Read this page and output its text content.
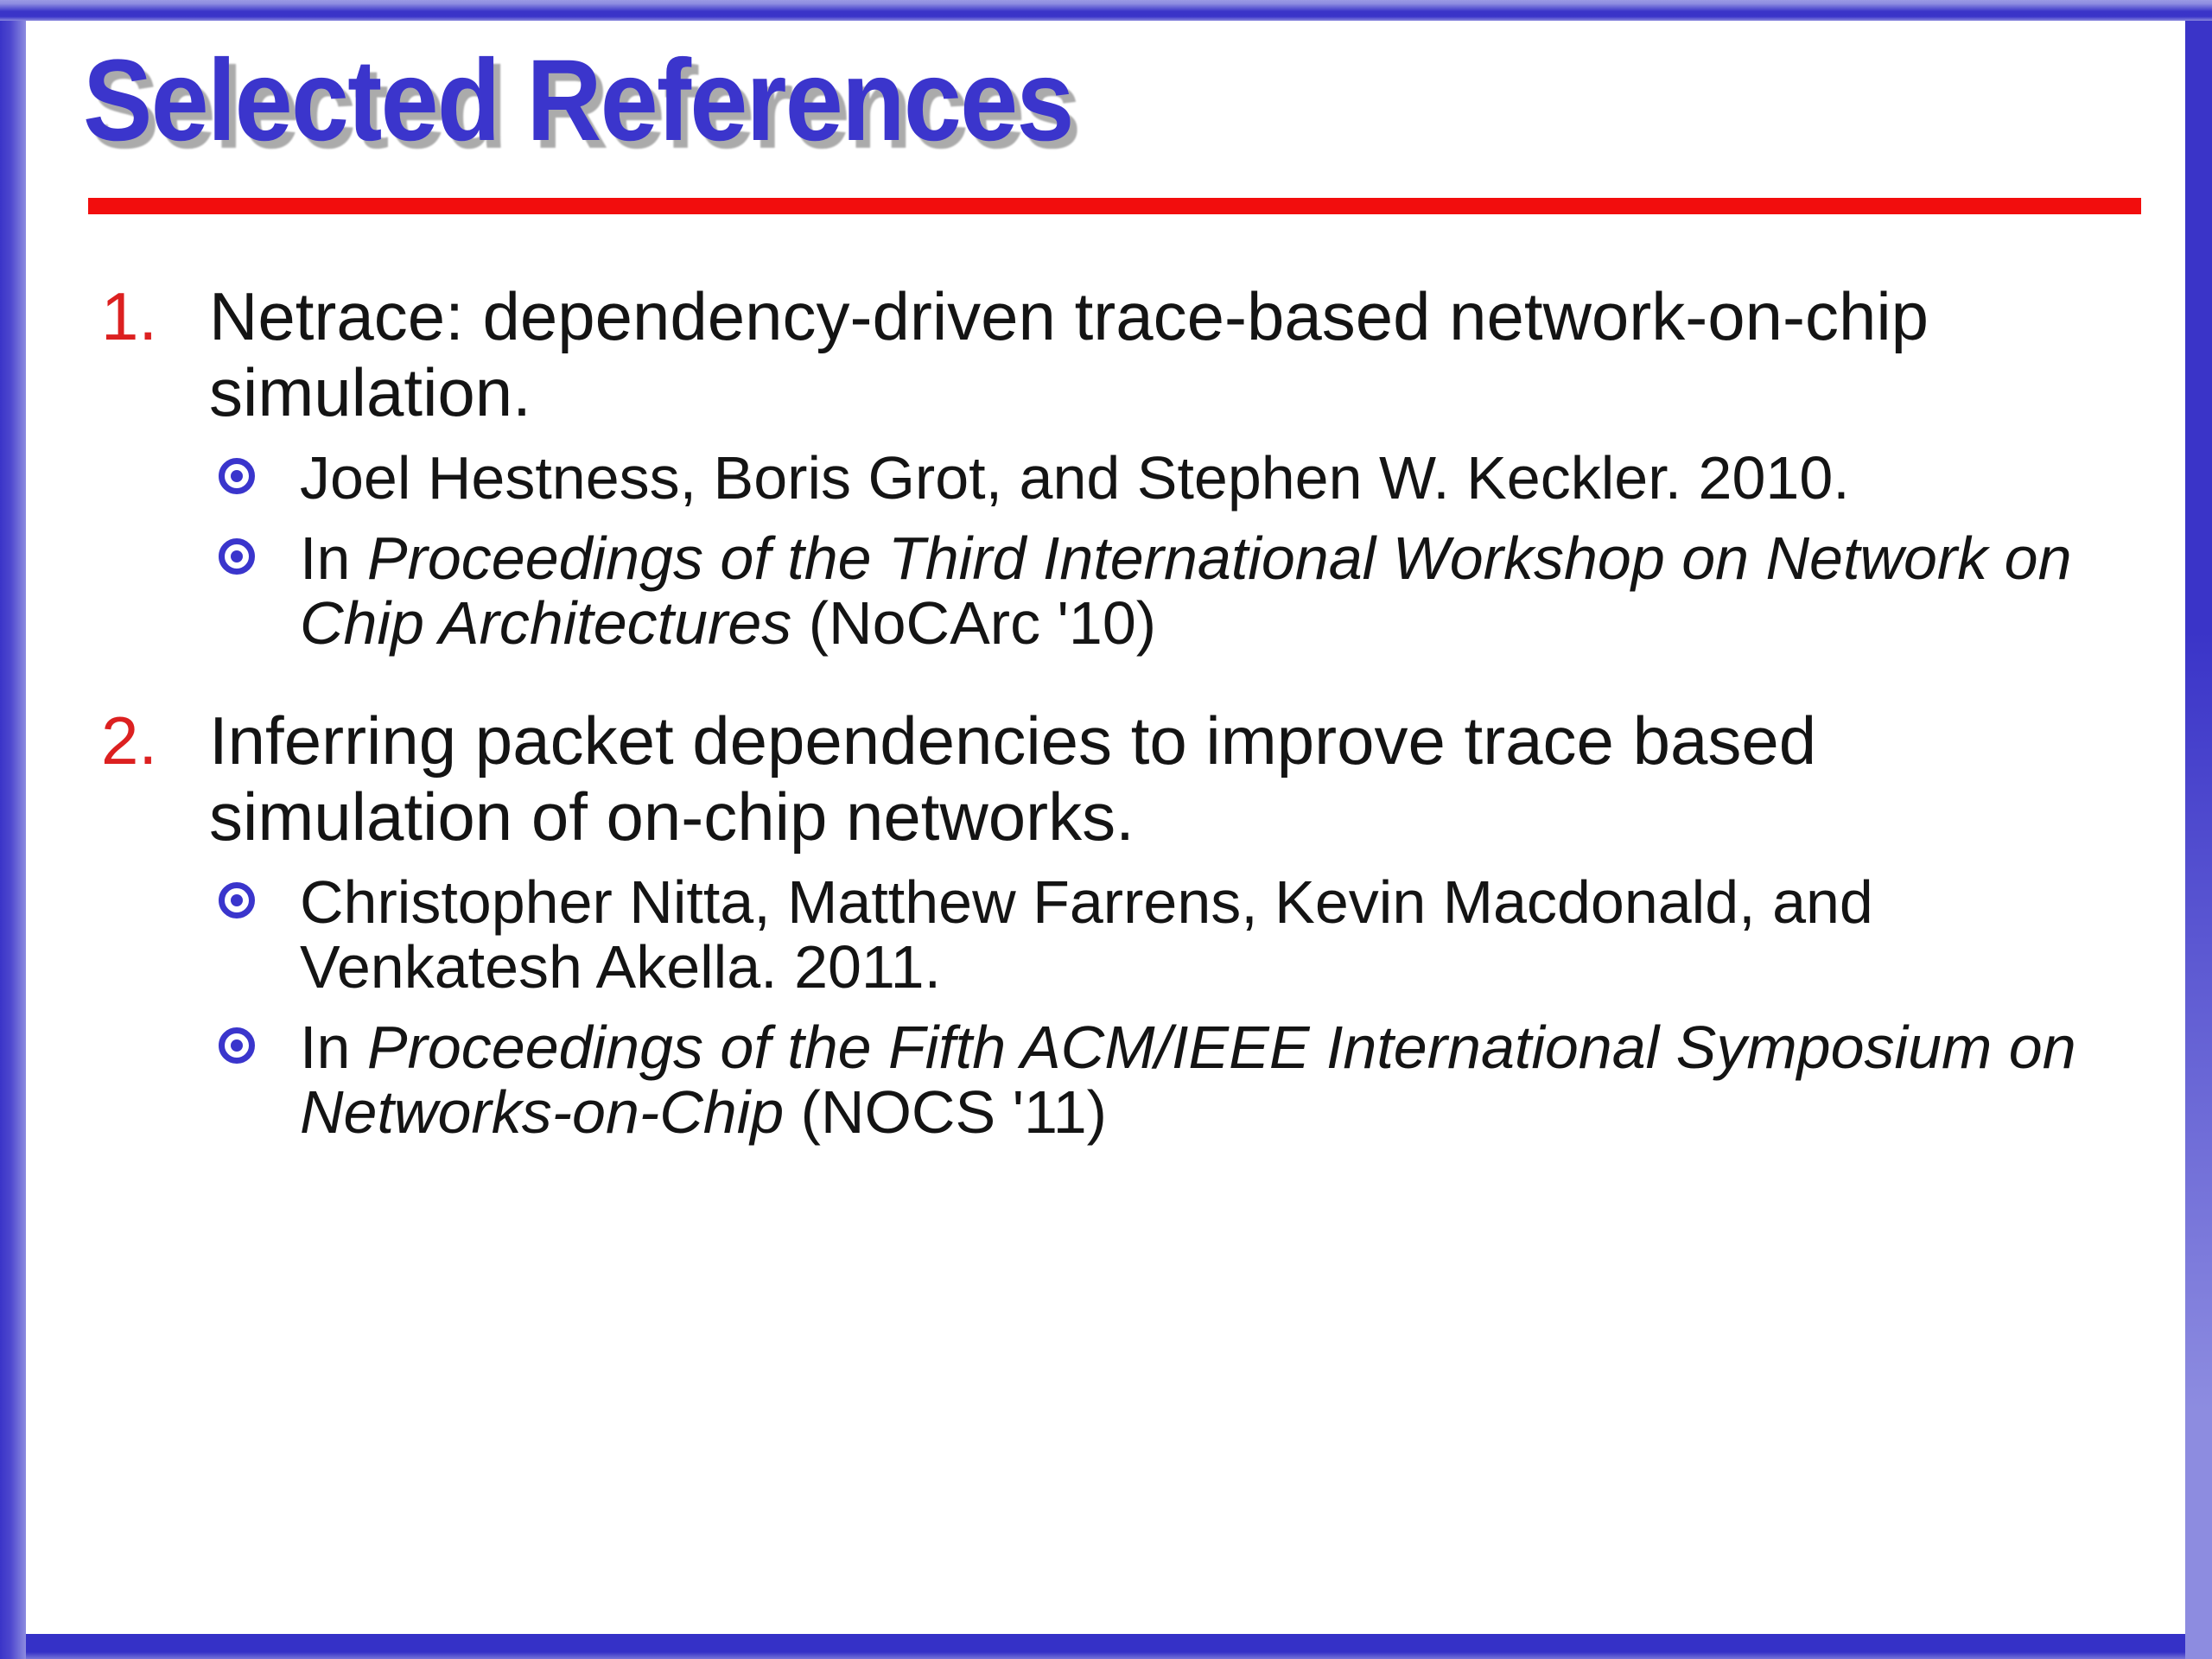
Selected References
1. Netrace: dependency-driven trace-based network-on-chip simulation.
Joel Hestness, Boris Grot, and Stephen W. Keckler. 2010.
In Proceedings of the Third International Workshop on Network on Chip Architectures (NoCArc '10)
2. Inferring packet dependencies to improve trace based simulation of on-chip networks.
Christopher Nitta, Matthew Farrens, Kevin Macdonald, and Venkatesh Akella. 2011.
In Proceedings of the Fifth ACM/IEEE International Symposium on Networks-on-Chip (NOCS '11)
